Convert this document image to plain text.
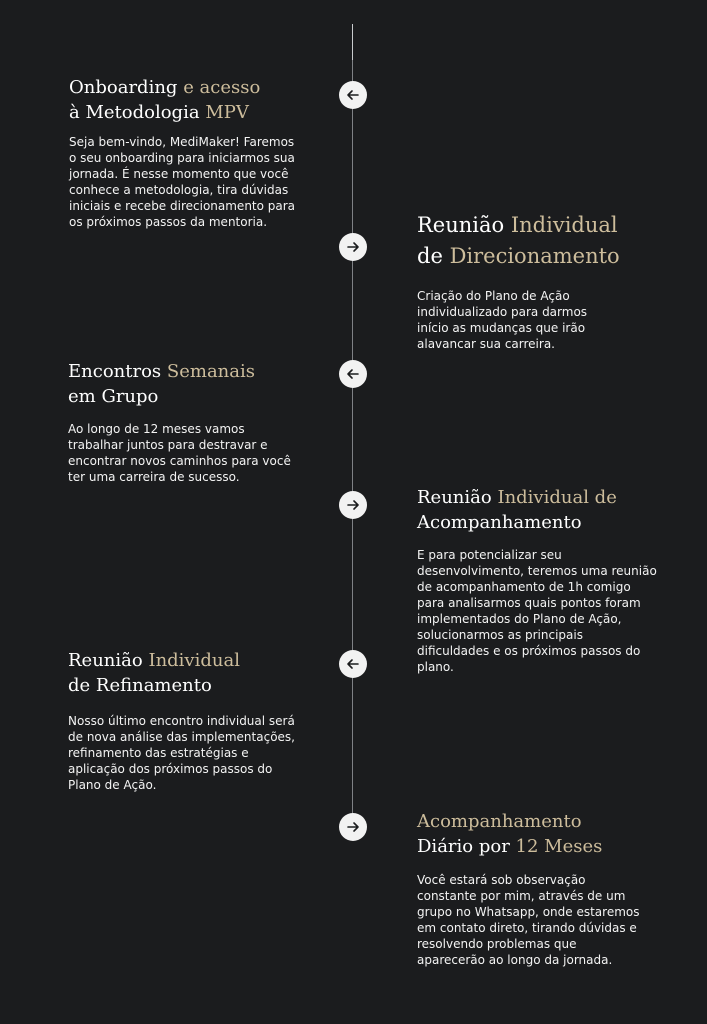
Onboarding e acesso
à Metodologia MPV

Seja bem-vindo, MediMaker! Faremos o seu onboarding para iniciarmos sua jornada. É nesse momento que você conhece a metodologia, tira dúvidas iniciais e recebe direcionamento para os próximos passos da mentoria.	Reunião Individual
de Direcionamento

Criação do Plano de Ação individualizado para darmos início as mudanças que irão alavancar sua carreira.

Encontros Semanais
em Grupo

Ao longo de 12 meses vamos trabalhar juntos para destravar e encontrar novos caminhos para você ter uma carreira de sucesso.

Reunião Individual de
Acompanhamento

E para potencializar seu desenvolvimento, teremos uma reunião de acompanhamento de 1h comigo para analisarmos quais pontos foram implementados do Plano de Ação, solucionarmos as principais dificuldades e os próximos passos do plano.

Reunião Individual
de Refinamento

Nosso último encontro individual será de nova análise das implementações, refinamento das estratégias e aplicação dos próximos passos do Plano de Ação.

Acompanhamento
Diário por 12 Meses

Você estará sob observação constante por mim, através de um grupo no Whatsapp, onde estaremos em contato direto, tirando dúvidas e resolvendo problemas que aparecerão ao longo da jornada.
